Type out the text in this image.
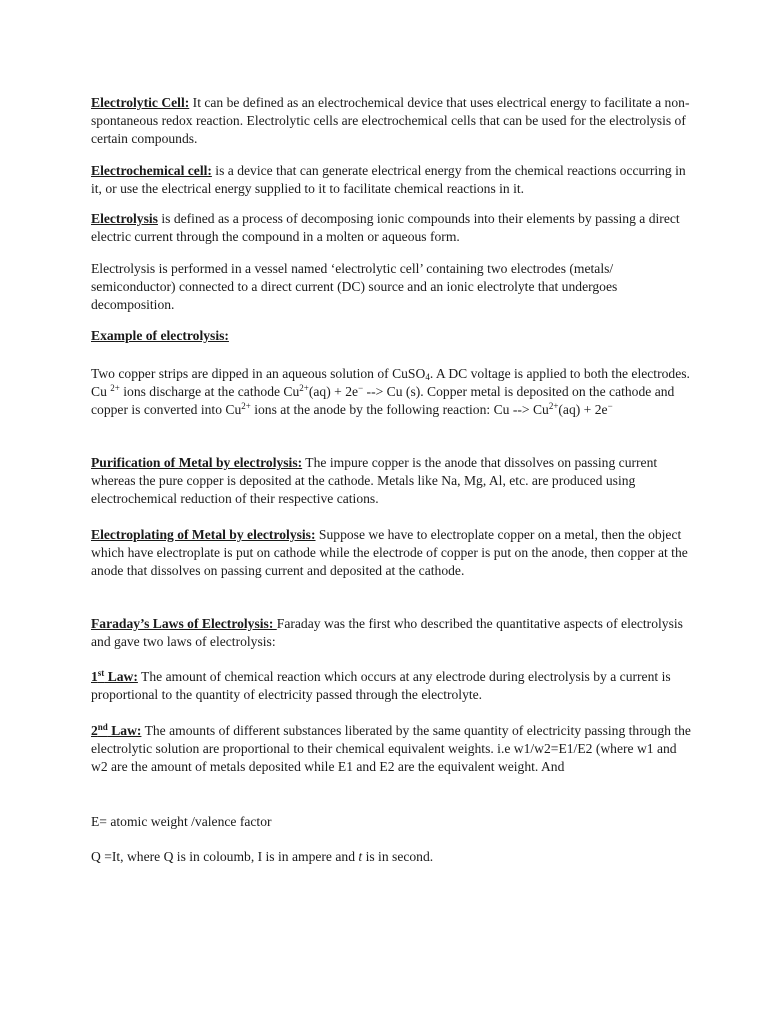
Electrolytic Cell: It can be defined as an electrochemical device that uses electrical energy to facilitate a non-spontaneous redox reaction. Electrolytic cells are electrochemical cells that can be used for the electrolysis of certain compounds.

Electrochemical cell: is a device that can generate electrical energy from the chemical reactions occurring in it, or use the electrical energy supplied to it to facilitate chemical reactions in it.

Electrolysis is defined as a process of decomposing ionic compounds into their elements by passing a direct electric current through the compound in a molten or aqueous form.

Electrolysis is performed in a vessel named ‘electrolytic cell’ containing two electrodes (metals/ semiconductor) connected to a direct current (DC) source and an ionic electrolyte that undergoes decomposition.

Example of electrolysis:

Two copper strips are dipped in an aqueous solution of CuSO$_4$. A DC voltage is applied to both the electrodes. Cu $^{2+}$ ions discharge at the cathode $Cu^{2+}(aq) + 2e^-$ --> Cu (s). Copper metal is deposited on the cathode and copper is converted into $Cu^{2+}$ ions at the anode by the following reaction: Cu --> $Cu^{2+}(aq) + 2e^-$

Purification of Metal by electrolysis: The impure copper is the anode that dissolves on passing current whereas the pure copper is deposited at the cathode. Metals like Na, Mg, Al, etc. are produced using electrochemical reduction of their respective cations.

Electroplating of Metal by electrolysis: Suppose we have to electroplate copper on a metal, then the object which have electroplate is put on cathode while the electrode of copper is put on the anode, then copper at the anode that dissolves on passing current and deposited at the cathode.

Faraday’s Laws of Electrolysis: Faraday was the first who described the quantitative aspects of electrolysis and gave two laws of electrolysis:

1st Law: The amount of chemical reaction which occurs at any electrode during electrolysis by a current is proportional to the quantity of electricity passed through the electrolyte.

2nd Law: The amounts of different substances liberated by the same quantity of electricity passing through the electrolytic solution are proportional to their chemical equivalent weights. i.e w1/w2=E1/E2 (where w1 and w2 are the amount of metals deposited while E1 and E2 are the equivalent weight. And

E= atomic weight /valence factor

Q =It, where Q is in coloumb, I is in ampere and t is in second.
